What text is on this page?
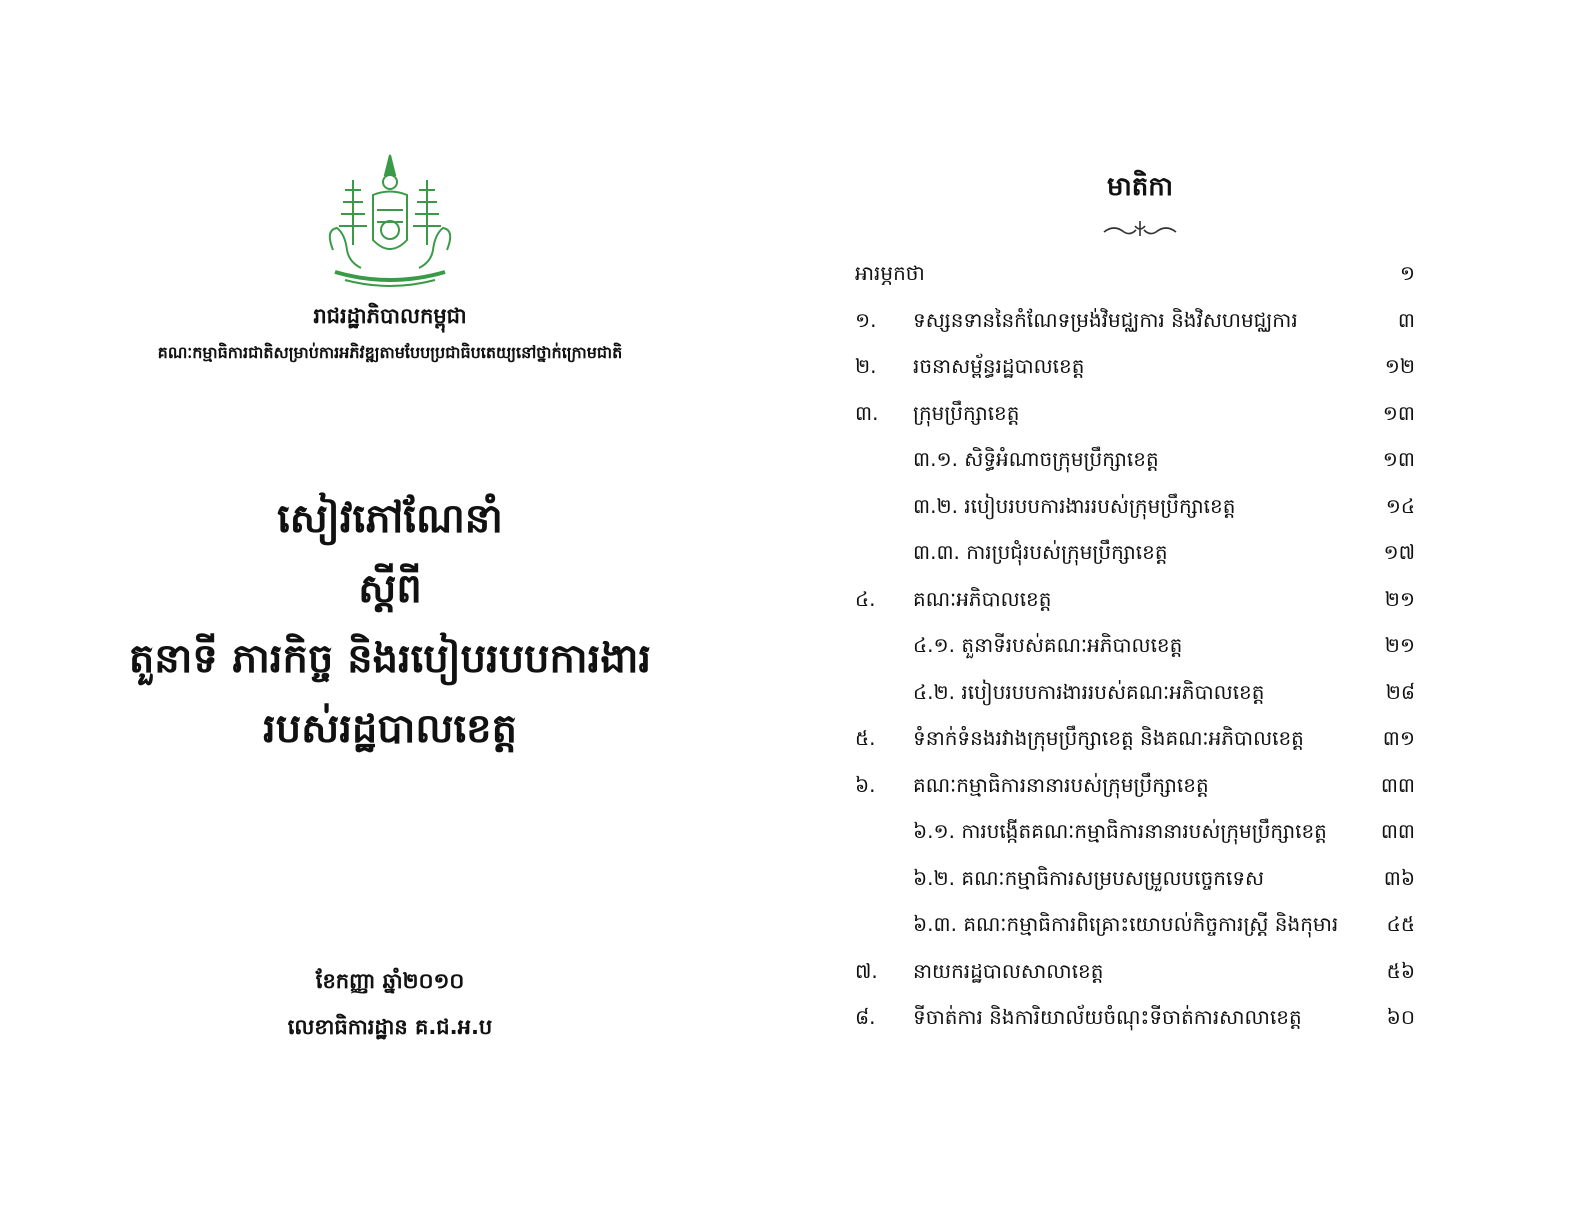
រាជរដ្ឋាភិបាលកម្ពុជា
គណៈកម្មាធិការជាតិសម្រាប់ការអភិវឌ្ឍតាមបែបប្រជាធិបតេយ្យនៅថ្នាក់ក្រោមជាតិ
សៀវភៅណែនាំ
ស្តីពី
តួនាទី ភារកិច្ច និងរបៀបរបបការងារ
របស់រដ្ឋបាលខេត្ត
ខែកញ្ញា ឆ្នាំ២០១០
លេខាធិការដ្ឋាន គ.ជ.អ.ប
មាតិកា
អារម្ភកថា	១
១. ទស្សនទាននៃកំណែទម្រង់វិមជ្ឈការ និងវិសហមជ្ឈការ	៣
២. រចនាសម្ព័ន្ធរដ្ឋបាលខេត្ត	១២
៣. ក្រុមប្រឹក្សាខេត្ត	១៣
៣.១. សិទ្ធិអំណាចក្រុមប្រឹក្សាខេត្ត	១៣
៣.២. របៀបរបបការងាររបស់ក្រុមប្រឹក្សាខេត្ត	១៤
៣.៣. ការប្រជុំរបស់ក្រុមប្រឹក្សាខេត្ត	១៧
៤. គណៈអភិបាលខេត្ត	២១
៤.១. តួនាទីរបស់គណៈអភិបាលខេត្ត	២១
៤.២. របៀបរបបការងាររបស់គណៈអភិបាលខេត្ត	២៨
៥. ទំនាក់ទំនងរវាងក្រុមប្រឹក្សាខេត្ត និងគណៈអភិបាលខេត្ត	៣១
៦. គណៈកម្មាធិការនានារបស់ក្រុមប្រឹក្សាខេត្ត	៣៣
៦.១. ការបង្កើតគណៈកម្មាធិការនានារបស់ក្រុមប្រឹក្សាខេត្ត	៣៣
៦.២. គណៈកម្មាធិការសម្របសម្រួលបច្ចេកទេស	៣៦
៦.៣. គណៈកម្មាធិការពិគ្រោះយោបល់កិច្ចការស្ត្រី និងកុមារ ៤៥
៧. នាយករដ្ឋបាលសាលាខេត្ត	៥៦
៨. ទីចាត់ការ និងការិយាល័យចំណុះទីចាត់ការសាលាខេត្ត	៦០
